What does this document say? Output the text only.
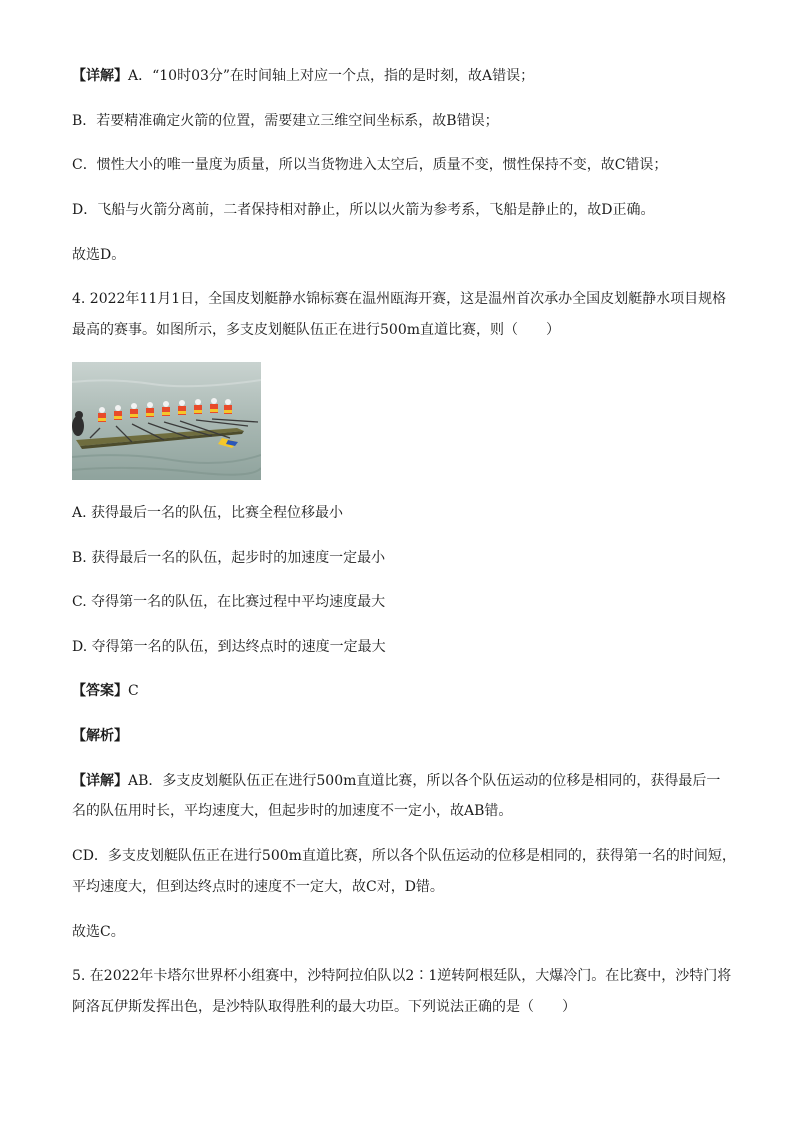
【详解】A．“10时03分”在时间轴上对应一个点，指的是时刻，故A错误；
B．若要精准确定火箭的位置，需要建立三维空间坐标系，故B错误；
C．惯性大小的唯一量度为质量，所以当货物进入太空后，质量不变，惯性保持不变，故C错误；
D．飞船与火箭分离前，二者保持相对静止，所以以火箭为参考系，飞船是静止的，故D正确。
故选D。
4. 2022年11月1日，全国皮划艇静水锦标赛在温州瓯海开赛，这是温州首次承办全国皮划艇静水项目规格
最高的赛事。如图所示，多支皮划艇队伍正在进行500m直道比赛，则（　　）
A. 获得最后一名的队伍，比赛全程位移最小
B. 获得最后一名的队伍，起步时的加速度一定最小
C. 夺得第一名的队伍，在比赛过程中平均速度最大
D. 夺得第一名的队伍，到达终点时的速度一定最大
【答案】C
【解析】
【详解】AB．多支皮划艇队伍正在进行500m直道比赛，所以各个队伍运动的位移是相同的，获得最后一
名的队伍用时长，平均速度大，但起步时的加速度不一定小，故AB错。
CD．多支皮划艇队伍正在进行500m直道比赛，所以各个队伍运动的位移是相同的，获得第一名的时间短，
平均速度大，但到达终点时的速度不一定大，故C对，D错。
故选C。
5. 在2022年卡塔尔世界杯小组赛中，沙特阿拉伯队以2∶1逆转阿根廷队，大爆冷门。在比赛中，沙特门将
阿洛瓦伊斯发挥出色，是沙特队取得胜利的最大功臣。下列说法正确的是（　　）
